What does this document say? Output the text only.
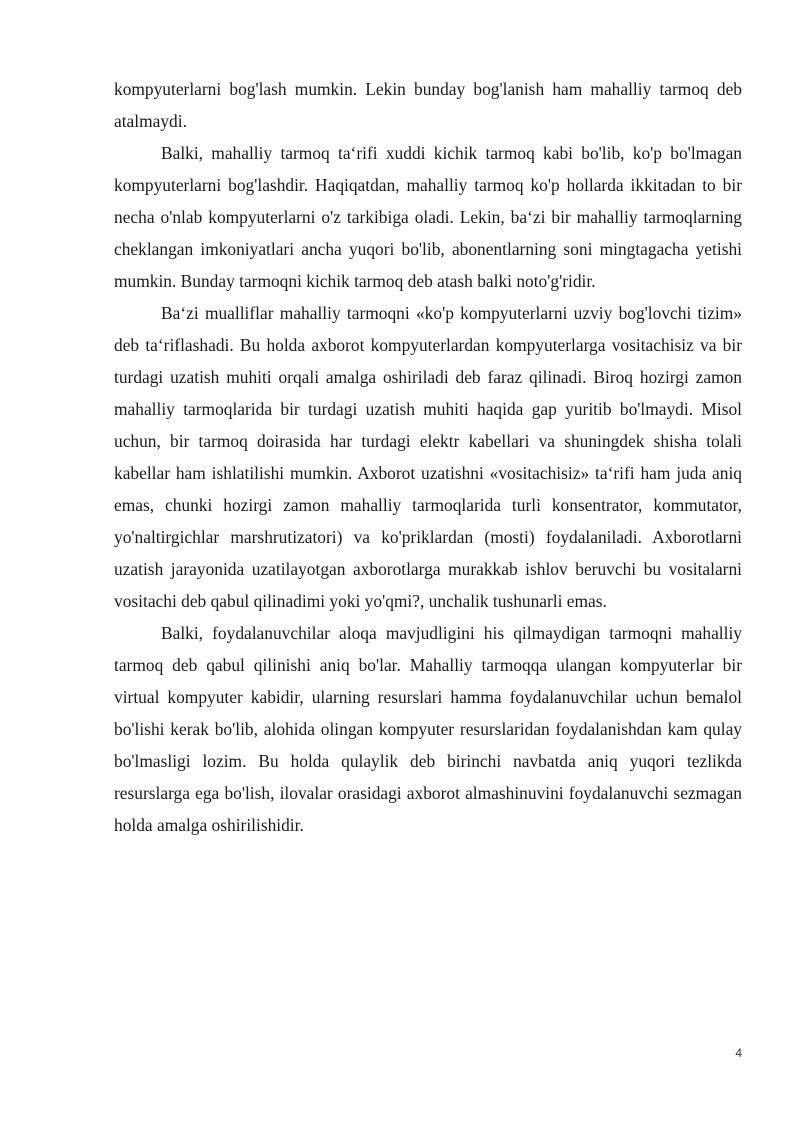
kompyuterlarni bog'lash mumkin. Lekin bunday bog'lanish ham mahalliy tarmoq deb atalmaydi.

Balki, mahalliy tarmoq ta‘rifi xuddi kichik tarmoq kabi bo'lib, ko'p bo'lmagan kompyuterlarni bog'lashdir. Haqiqatdan, mahalliy tarmoq ko'p hollarda ikkitadan to bir necha o'nlab kompyuterlarni o'z tarkibiga oladi. Lekin, ba‘zi bir mahalliy tarmoqlarning cheklangan imkoniyatlari ancha yuqori bo'lib, abonentlarning soni mingtagacha yetishi mumkin. Bunday tarmoqni kichik tarmoq deb atash balki noto'g'ridir.

Ba‘zi mualliflar mahalliy tarmoqni «ko'p kompyuterlarni uzviy bog'lovchi tizim» deb ta‘riflashadi. Bu holda axborot kompyuterlardan kompyuterlarga vositachisiz va bir turdagi uzatish muhiti orqali amalga oshiriladi deb faraz qilinadi. Biroq hozirgi zamon mahalliy tarmoqlarida bir turdagi uzatish muhiti haqida gap yuritib bo'lmaydi. Misol uchun, bir tarmoq doirasida har turdagi elektr kabellari va shuningdek shisha tolali kabellar ham ishlatilishi mumkin. Axborot uzatishni «vositachisiz» ta‘rifi ham juda aniq emas, chunki hozirgi zamon mahalliy tarmoqlarida turli konsentrator, kommutator, yo'naltirgichlar marshrutizatori) va ko'priklardan (mosti) foydalaniladi. Axborotlarni uzatish jarayonida uzatilayotgan axborotlarga murakkab ishlov beruvchi bu vositalarni vositachi deb qabul qilinadimi yoki yo'qmi?, unchalik tushunarli emas.

Balki, foydalanuvchilar aloqa mavjudligini his qilmaydigan tarmoqni mahalliy tarmoq deb qabul qilinishi aniq bo'lar. Mahalliy tarmoqqa ulangan kompyuterlar bir virtual kompyuter kabidir, ularning resurslari hamma foydalanuvchilar uchun bemalol bo'lishi kerak bo'lib, alohida olingan kompyuter resurslaridan foydalanishdan kam qulay bo'lmasligi lozim. Bu holda qulaylik deb birinchi navbatda aniq yuqori tezlikda resurslarga ega bo'lish, ilovalar orasidagi axborot almashinuvini foydalanuvchi sezmagan holda amalga oshirilishidir.

4
